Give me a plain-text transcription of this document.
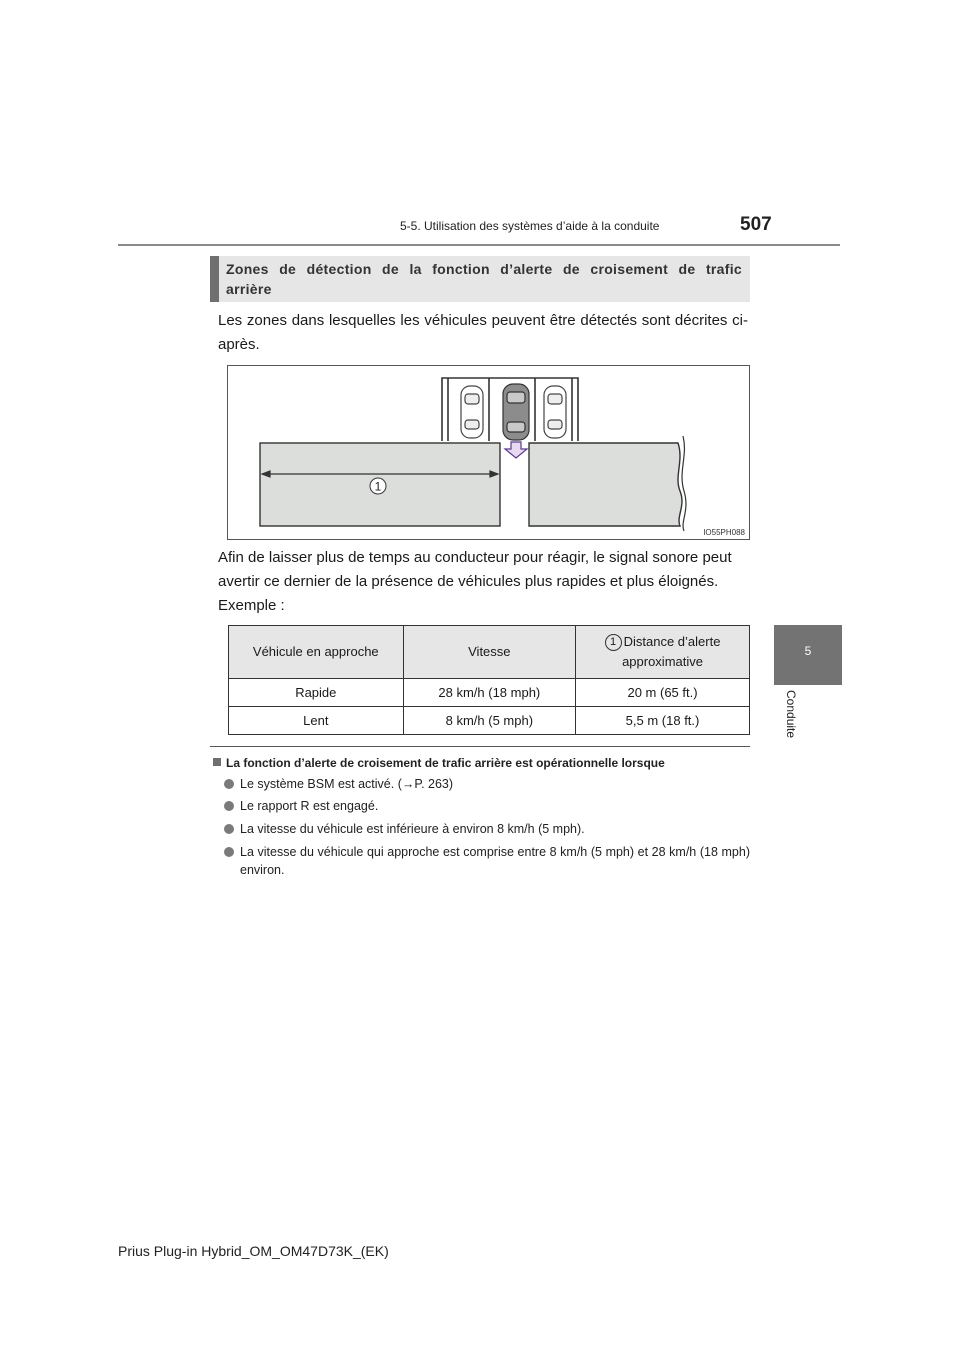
5-5. Utilisation des systèmes d’aide à la conduite	507
5
Conduite
Zones de détection de la fonction d’alerte de croisement de trafic arrière
Les zones dans lesquelles les véhicules peuvent être détectés sont décrites ci-après.
1
IO55PH088
Afin de laisser plus de temps au conducteur pour réagir, le signal sonore peut avertir ce dernier de la présence de véhicules plus rapides et plus éloignés.
Exemple :
Véhicule en approche	Vitesse	1 Distance d’alerte approximative
Rapide	28 km/h (18 mph)	20 m (65 ft.)
Lent	8 km/h (5 mph)	5,5 m (18 ft.)
La fonction d’alerte de croisement de trafic arrière est opérationnelle lorsque
Le système BSM est activé. (→P. 263)
Le rapport R est engagé.
La vitesse du véhicule est inférieure à environ 8 km/h (5 mph).
La vitesse du véhicule qui approche est comprise entre 8 km/h (5 mph) et 28 km/h (18 mph) environ.
Prius Plug-in Hybrid_OM_OM47D73K_(EK)
